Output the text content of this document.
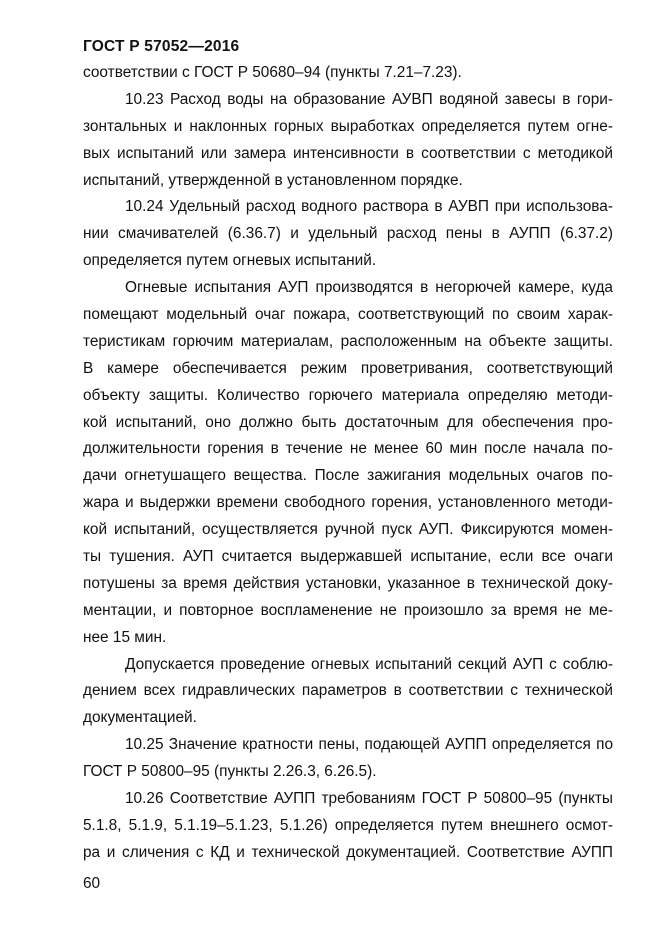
ГОСТ Р 57052—2016
соответствии с ГОСТ Р 50680–94 (пункты 7.21–7.23).
10.23 Расход воды на образование АУВП водяной завесы в гори-
зонтальных и наклонных горных выработках определяется путем огне-
вых испытаний или замера интенсивности в соответствии с методикой
испытаний, утвержденной в установленном порядке.
10.24 Удельный расход водного раствора в АУВП при использова-
нии смачивателей (6.36.7) и удельный расход пены в АУПП (6.37.2)
определяется путем огневых испытаний.
Огневые испытания АУП производятся в негорючей камере, куда
помещают модельный очаг пожара, соответствующий по своим харак-
теристикам горючим материалам, расположенным на объекте защиты.
В камере обеспечивается режим проветривания, соответствующий
объекту защиты. Количество горючего материала определяю методи-
кой испытаний, оно должно быть достаточным для обеспечения про-
должительности горения в течение не менее 60 мин после начала по-
дачи огнетушащего вещества. После зажигания модельных очагов по-
жара и выдержки времени свободного горения, установленного методи-
кой испытаний, осуществляется ручной пуск АУП. Фиксируются момен-
ты тушения. АУП считается выдержавшей испытание, если все очаги
потушены за время действия установки, указанное в технической доку-
ментации, и повторное воспламенение не произошло за время не ме-
нее 15 мин.
Допускается проведение огневых испытаний секций АУП с соблю-
дением всех гидравлических параметров в соответствии с технической
документацией.
10.25 Значение кратности пены, подающей АУПП определяется по
ГОСТ Р 50800–95 (пункты 2.26.3, 6.26.5).
10.26 Соответствие АУПП требованиям ГОСТ Р 50800–95 (пункты
5.1.8, 5.1.9, 5.1.19–5.1.23, 5.1.26) определяется путем внешнего осмот-
ра и сличения с КД и технической документацией. Соответствие АУПП
60
